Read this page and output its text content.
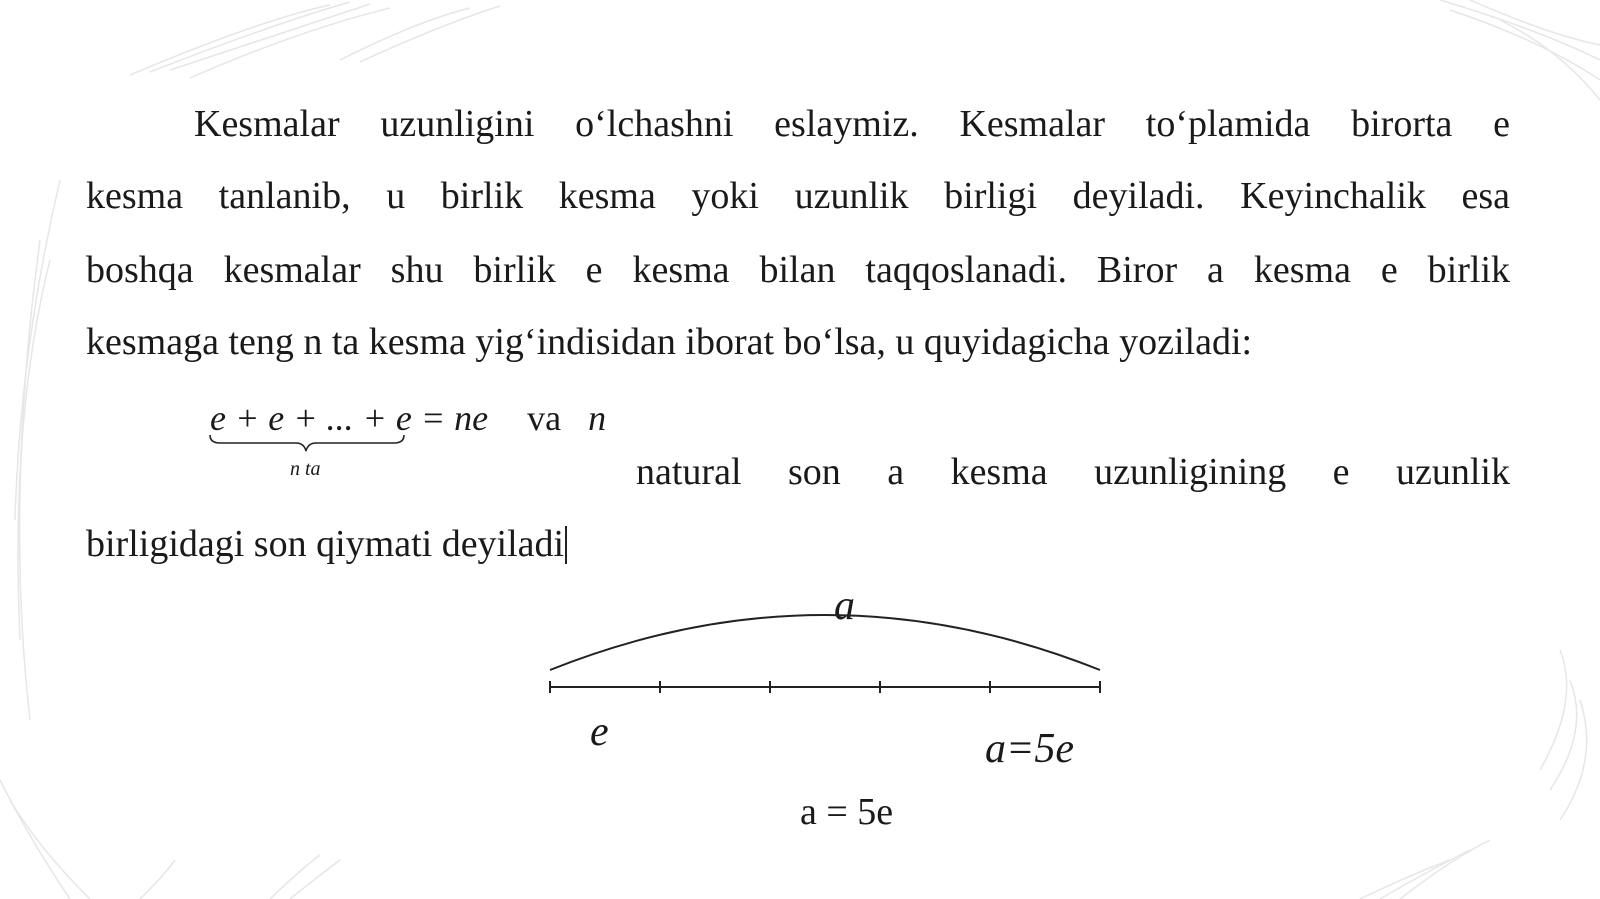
Kesmalar uzunligini o‘lchashni eslaymiz. Kesmalar to‘plamida birorta e
kesma tanlanib, u birlik kesma yoki uzunlik birligi deyiladi. Keyinchalik esa
boshqa kesmalar shu birlik e kesma bilan taqqoslanadi. Biror a kesma e birlik
kesmaga teng n ta kesma yig‘indisidan iborat bo‘lsa, u quyidagicha yoziladi:
e + e + ... + e = ne va n
n ta	natural son a kesma uzunligining e uzunlik
birligidagi son qiymati deyiladi
a
e	a=5e
a = 5e
